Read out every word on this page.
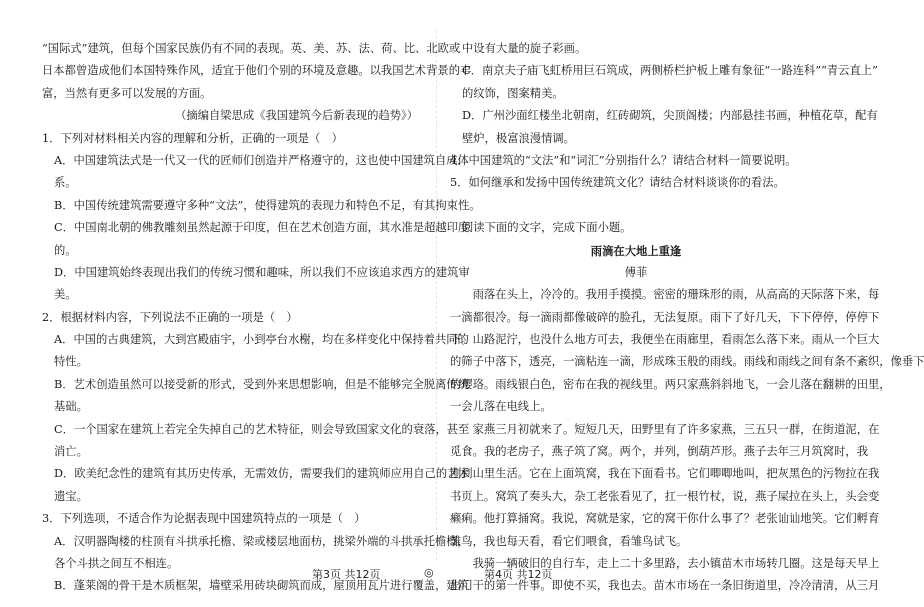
“国际式”建筑，但每个国家民族仍有不同的表现。英、美、苏、法、荷、比、北欧或
日本都曾造成他们本国特殊作风，适宜于他们个别的环境及意趣。以我国艺术背景的丰
富，当然有更多可以发展的方面。
（摘编自梁思成《我国建筑今后新表现的趋势》）
1．下列对材料相关内容的理解和分析，正确的一项是（　）
A．中国建筑法式是一代又一代的匠师们创造并严格遵守的，这也使中国建筑自成体
系。
B．中国传统建筑需要遵守多种“文法”，使得建筑的表现力和特色不足，有其拘束性。
C．中国南北朝的佛教雕刻虽然起源于印度，但在艺术创造方面，其水准是超越印度
的。
D．中国建筑始终表现出我们的传统习惯和趣味，所以我们不应该追求西方的建筑审
美。
2．根据材料内容，下列说法不正确的一项是（　）
A．中国的古典建筑，大到宫殿庙宇，小到亭台水榭，均在多样变化中保持着共同的
特性。
B．艺术创造虽然可以接受新的形式，受到外来思想影响，但是不能够完全脱离传统
基础。
C．一个国家在建筑上若完全失掉自己的艺术特征，则会导致国家文化的衰落，甚至
消亡。
D．欧美纪念性的建筑有其历史传承，无需效仿，需要我们的建筑师应用自己的艺术
遗宝。
3．下列选项，不适合作为论据表现中国建筑特点的一项是（　）
A．汉明器陶楼的柱顶有斗拱承托檐、梁或楼层地面枋，挑梁外端的斗拱承托檐檩，
各个斗拱之间互不相连。
B．蓬莱阁的骨干是木质框架，墙壁采用砖块砌筑而成，屋顶用瓦片进行覆盖，建筑
中设有大量的旋子彩画。
C．南京夫子庙飞虹桥用巨石筑成，两侧桥栏护板上雕有象征“一路连科”“青云直上”
的纹饰，图案精美。
D．广州沙面红楼坐北朝南，红砖砌筑，尖顶阁楼；内部悬挂书画，种植花草，配有
壁炉，极富浪漫情调。
4．中国建筑的“文法”和“词汇”分别指什么？请结合材料一简要说明。
5．如何继承和发扬中国传统建筑文化？请结合材料谈谈你的看法。
阅读下面的文字，完成下面小题。
雨滴在大地上重逢
傅菲
　　雨落在头上，冷冷的。我用手摸摸。密密的珊珠形的雨，从高高的天际落下来，每
一滴都很冷。每一滴雨都像破碎的脸孔，无法复原。雨下了好几天，下下停停，停停下
下。山路泥泞，也没什么地方可去，我便坐在雨廊里，看雨怎么落下来。雨从一个巨大
的筛子中落下，透亮，一滴粘连一滴，形成珠玉般的雨线。雨线和雨线之间有条不紊织，像垂下
的璎珞。雨线银白色，密布在我的视线里。两只家燕斜斜地飞，一会儿落在翻耕的田里，
一会儿落在电线上。
　　家燕三月初就来了。短短几天，田野里有了许多家燕，三五只一群，在街道泥，在
觅食。我的老房子，燕子筑了窝。两个，并列，倒葫芦形。燕子去年三月筑窝时，我
刚到山里生活。它在上面筑窝，我在下面看书。它们唧唧地叫，把灰黑色的污物拉在我
书页上。窝筑了奏头大，杂工老张看见了，扛一根竹杖，说，燕子屎拉在头上，头会变
癞痢。他打算捅窝。我说，窝就是家，它的窝干你什么事了？老张讪讪地笑。它们孵育
雏鸟，我也每天看，看它们喂食，看雏鸟试飞。
　　我骑一辆破旧的自行车，走上二十多里路，去小镇苗木市场转几圈。这是每天早上
出门干的第一件事。即使不买，我也去。苗木市场在一条旧街道里，冷冷清清，从三月
第3页 共12页	◎	第4页 共12页
